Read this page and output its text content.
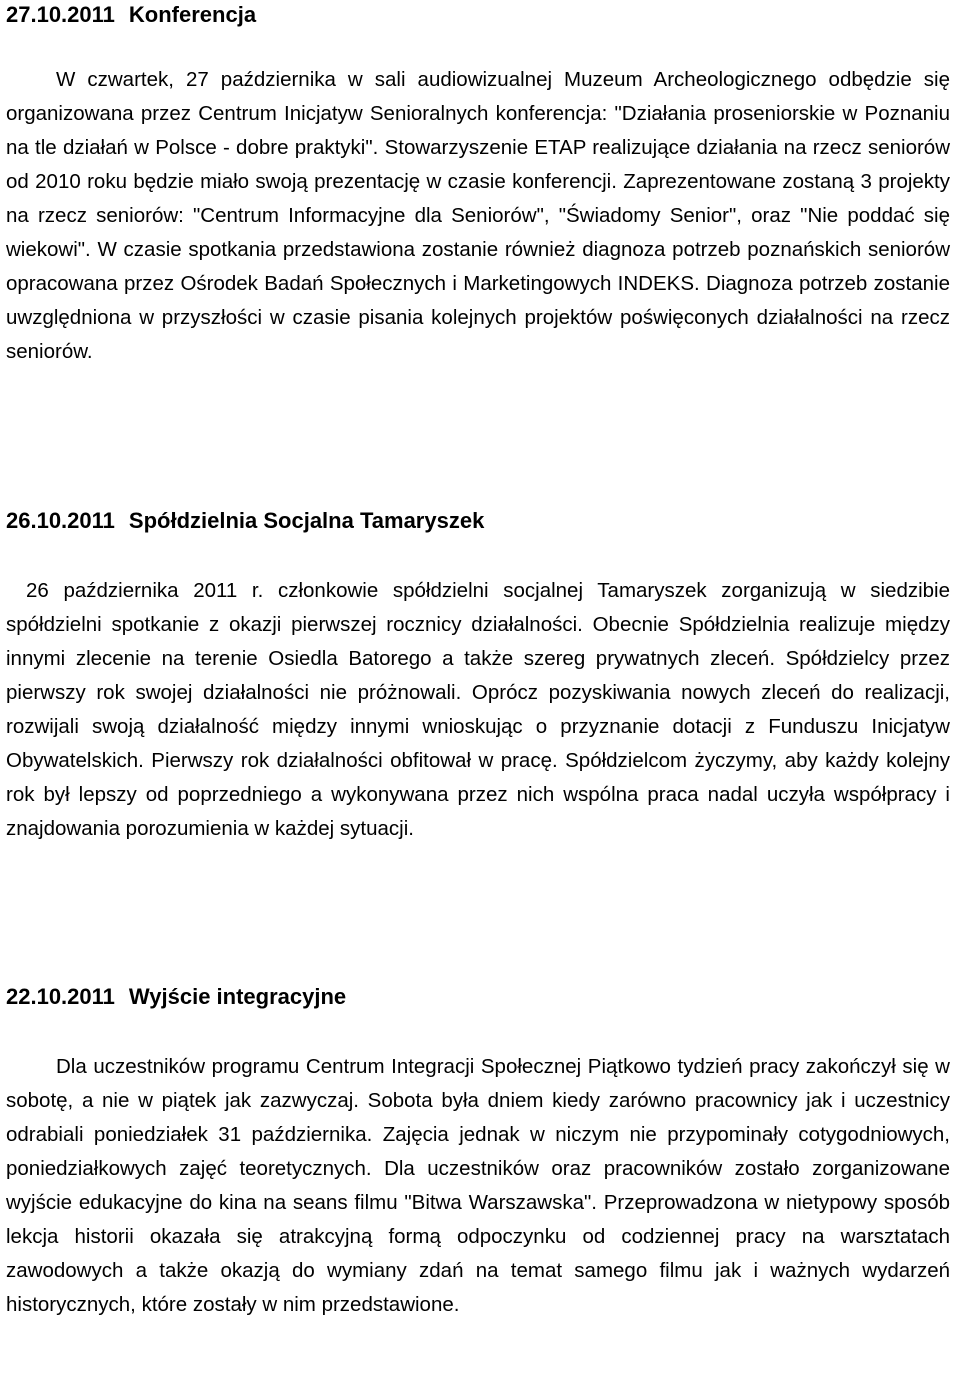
27.10.2011 Konferencja

W czwartek, 27 października w sali audiowizualnej Muzeum Archeologicznego odbędzie się organizowana przez Centrum Inicjatyw Senioralnych konferencja: "Działania proseniorskie w Poznaniu na tle działań w Polsce - dobre praktyki". Stowarzyszenie ETAP realizujące działania na rzecz seniorów od 2010 roku będzie miało swoją prezentację w czasie konferencji. Zaprezentowane zostaną 3 projekty na rzecz seniorów: "Centrum Informacyjne dla Seniorów", "Świadomy Senior", oraz "Nie poddać się wiekowi". W czasie spotkania przedstawiona zostanie również diagnoza potrzeb poznańskich seniorów opracowana przez Ośrodek Badań Społecznych i Marketingowych INDEKS. Diagnoza potrzeb zostanie uwzględniona w przyszłości w czasie pisania kolejnych projektów poświęconych działalności na rzecz seniorów.

26.10.2011 Spółdzielnia Socjalna Tamaryszek

26 października 2011 r. członkowie spółdzielni socjalnej Tamaryszek zorganizują w siedzibie spółdzielni spotkanie z okazji pierwszej rocznicy działalności. Obecnie Spółdzielnia realizuje między innymi zlecenie na terenie Osiedla Batorego a także szereg prywatnych zleceń. Spółdzielcy przez pierwszy rok swojej działalności nie próżnowali. Oprócz pozyskiwania nowych zleceń do realizacji, rozwijali swoją działalność między innymi wnioskując o przyznanie dotacji z Funduszu Inicjatyw Obywatelskich. Pierwszy rok działalności obfitował w pracę. Spółdzielcom życzymy, aby każdy kolejny rok był lepszy od poprzedniego a wykonywana przez nich wspólna praca nadal uczyła współpracy i znajdowania porozumienia w każdej sytuacji.

22.10.2011 Wyjście integracyjne

Dla uczestników programu Centrum Integracji Społecznej Piątkowo tydzień pracy zakończył się w sobotę, a nie w piątek jak zazwyczaj. Sobota była dniem kiedy zarówno pracownicy jak i uczestnicy odrabiali poniedziałek 31 października. Zajęcia jednak w niczym nie przypominały cotygodniowych, poniedziałkowych zajęć teoretycznych. Dla uczestników oraz pracowników zostało zorganizowane wyjście edukacyjne do kina na seans filmu "Bitwa Warszawska". Przeprowadzona w nietypowy sposób lekcja historii okazała się atrakcyjną formą odpoczynku od codziennej pracy na warsztatach zawodowych a także okazją do wymiany zdań na temat samego filmu jak i ważnych wydarzeń historycznych, które zostały w nim przedstawione.
